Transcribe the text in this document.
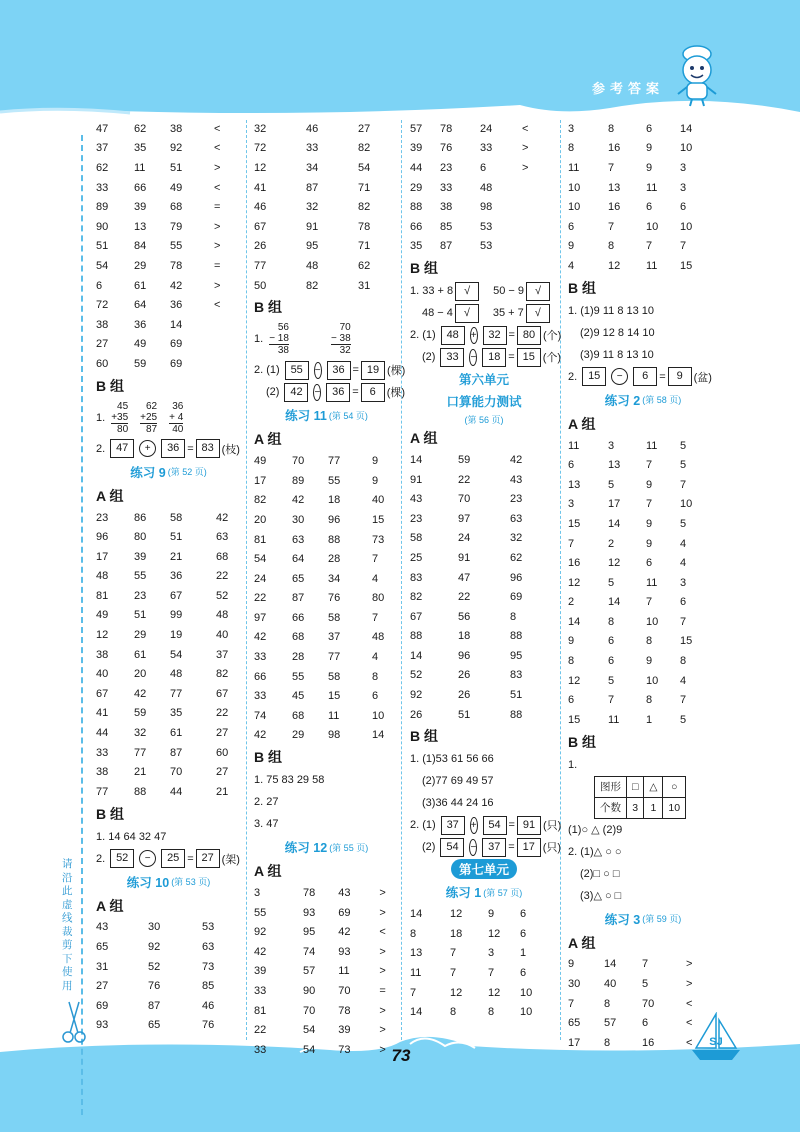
参考答案
请沿此虚线裁剪下使用
73
SJ
47	62	38	<
37	35	92	<
62	11	51	>
33	66	49	<
89	39	68	=
90	13	79	>
51	84	55	>
54	29	78	=
6	61	42	>
72	64	36	<
38	36	14
27	49	69
60	59	69
B 组
1.
45
+35
80
62
+25
87
36
+ 4
40
2. 47	+	36 = 83 (枝)
练习 9 (第 52 页)
A 组
23	86	58	42
96	80	51	63
17	39	21	68
48	55	36	22
81	23	67	52
49	51	99	48
12	29	19	40
38	61	54	37
40	20	48	82
67	42	77	67
41	59	35	22
44	32	61	27
33	77	87	60
38	21	70	27
77	88	44	21
B 组
1. 14 64 32 47
2. 52	−	25 = 27 (架)
练习 10 (第 53 页)
A 组
43	30	53
65	92	63
31	52	73
27	76	85
69	87	46
93	65	76
32	46	27
72	33	82
12	34	54
41	87	71
46	32	82
67	91	78
26	95	71
77	48	62
50	82	31
B 组
1.
56
− 18
38
70
− 38
32
2. (1) 55	−	36 = 19 (棵)
(2) 42	−	36 = 6 (棵)
练习 11 (第 54 页)
A 组
49	70	77	9
17	89	55	9
82	42	18	40
20	30	96	15
81	63	88	73
54	64	28	7
24	65	34	4
22	87	76	80
97	66	58	7
42	68	37	48
33	28	77	4
66	55	58	8
33	45	15	6
74	68	11	10
42	29	98	14
B 组
1. 75 83 29 58
2. 27
3. 47
练习 12 (第 55 页)
A 组
3	78	43	>
55	93	69	>
92	95	42	<
42	74	93	>
39	57	11	>
33	90	70	=
81	70	78	>
22	54	39	>
33	54	73	>
57	78	24	<
39	76	33	>
44	23	6	>
29	33	48
88	38	98
66	85	53
35	87	53
B 组
1. 33 + 8 √	50 − 9 √
48 − 4 √	35 + 7 √
2. (1) 48	+	32 = 80 (个)
(2) 33	−	18 = 15 (个)
第六单元
口算能力测试
(第 56 页)
A 组
14	59	42
91	22	43
43	70	23
23	97	63
58	24	32
25	91	62
83	47	96
82	22	69
67	56	8
88	18	88
14	96	95
52	26	83
92	26	51
26	51	88
B 组
1. (1)53 61 56 66
(2)77 69 49 57
(3)36 44 24 16
2. (1) 37	+	54 = 91 (只)
(2) 54	−	37 = 17 (只)
第七单元
练习 1 (第 57 页)
14	12	9	6
8	18	12	6
13	7	3	1
11	7	7	6
7	12	12	10
14	8	8	10
3	8	6	14
8	16	9	10
11	7	9	3
10	13	11	3
10	16	6	6
6	7	10	10
9	8	7	7
4	12	11	15
B 组
1. (1)9 11 8 13 10
(2)9 12 8 14 10
(3)9 11 8 13 10
2. 15	−	6 = 9 (盆)
练习 2 (第 58 页)
A 组
11	3	11	5
6	13	7	5
13	5	9	7
3	17	7	10
15	14	9	5
7	2	9	4
16	12	6	4
12	5	11	3
2	14	7	6
14	8	10	7
9	6	8	15
8	6	9	8
12	5	10	4
6	7	8	7
15	11	1	5
B 组
1.
图形	□	△	○
个数	3	1	10
(1)○ △ (2)9
2. (1)△ ○ ○
(2)□ ○ □
(3)△ ○ □
练习 3 (第 59 页)
A 组
9	14	7	>
30	40	5	>
7	8	70	<
65	57	6	<
17	8	16	<
